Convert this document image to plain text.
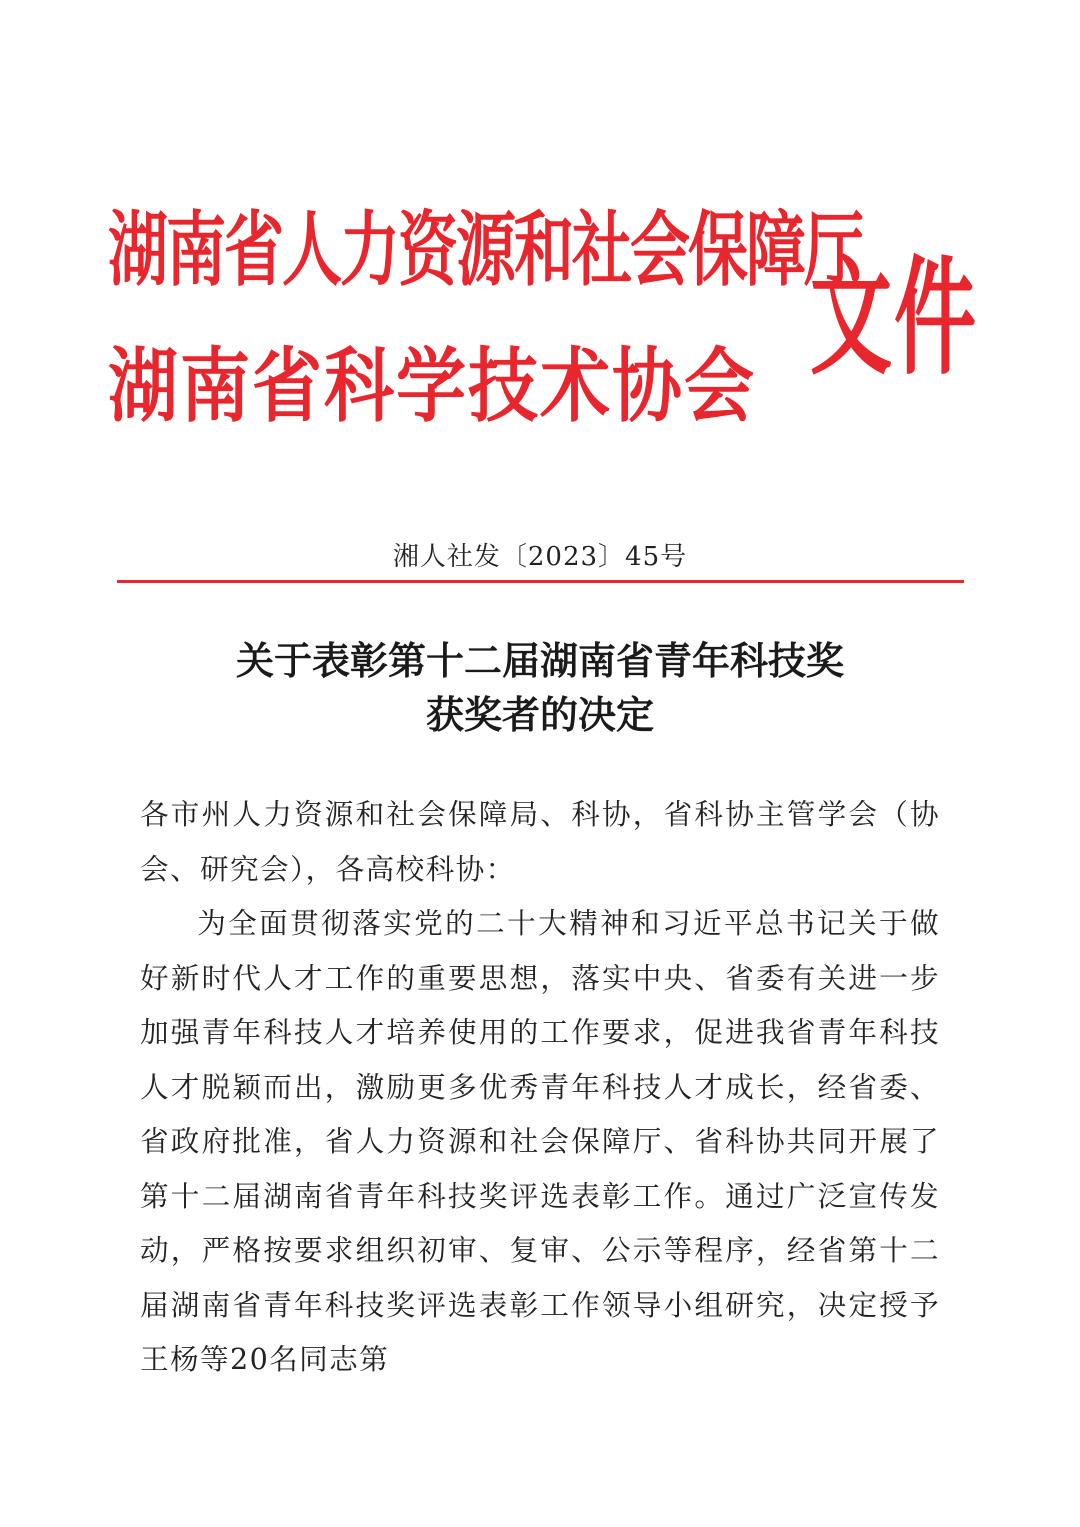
湖南省人力资源和社会保障厅
湖南省科学技术协会 文件
湘人社发〔2023〕45号
关于表彰第十二届湖南省青年科技奖
获奖者的决定

各市州人力资源和社会保障局、科协，省科协主管学会（协会、研究会），各高校科协：

为全面贯彻落实党的二十大精神和习近平总书记关于做好新时代人才工作的重要思想，落实中央、省委有关进一步加强青年科技人才培养使用的工作要求，促进我省青年科技人才脱颖而出，激励更多优秀青年科技人才成长，经省委、省政府批准，省人力资源和社会保障厅、省科协共同开展了第十二届湖南省青年科技奖评选表彰工作。通过广泛宣传发动，严格按要求组织初审、复审、公示等程序，经省第十二届湖南省青年科技奖评选表彰工作领导小组研究，决定授予王杨等20名同志第
